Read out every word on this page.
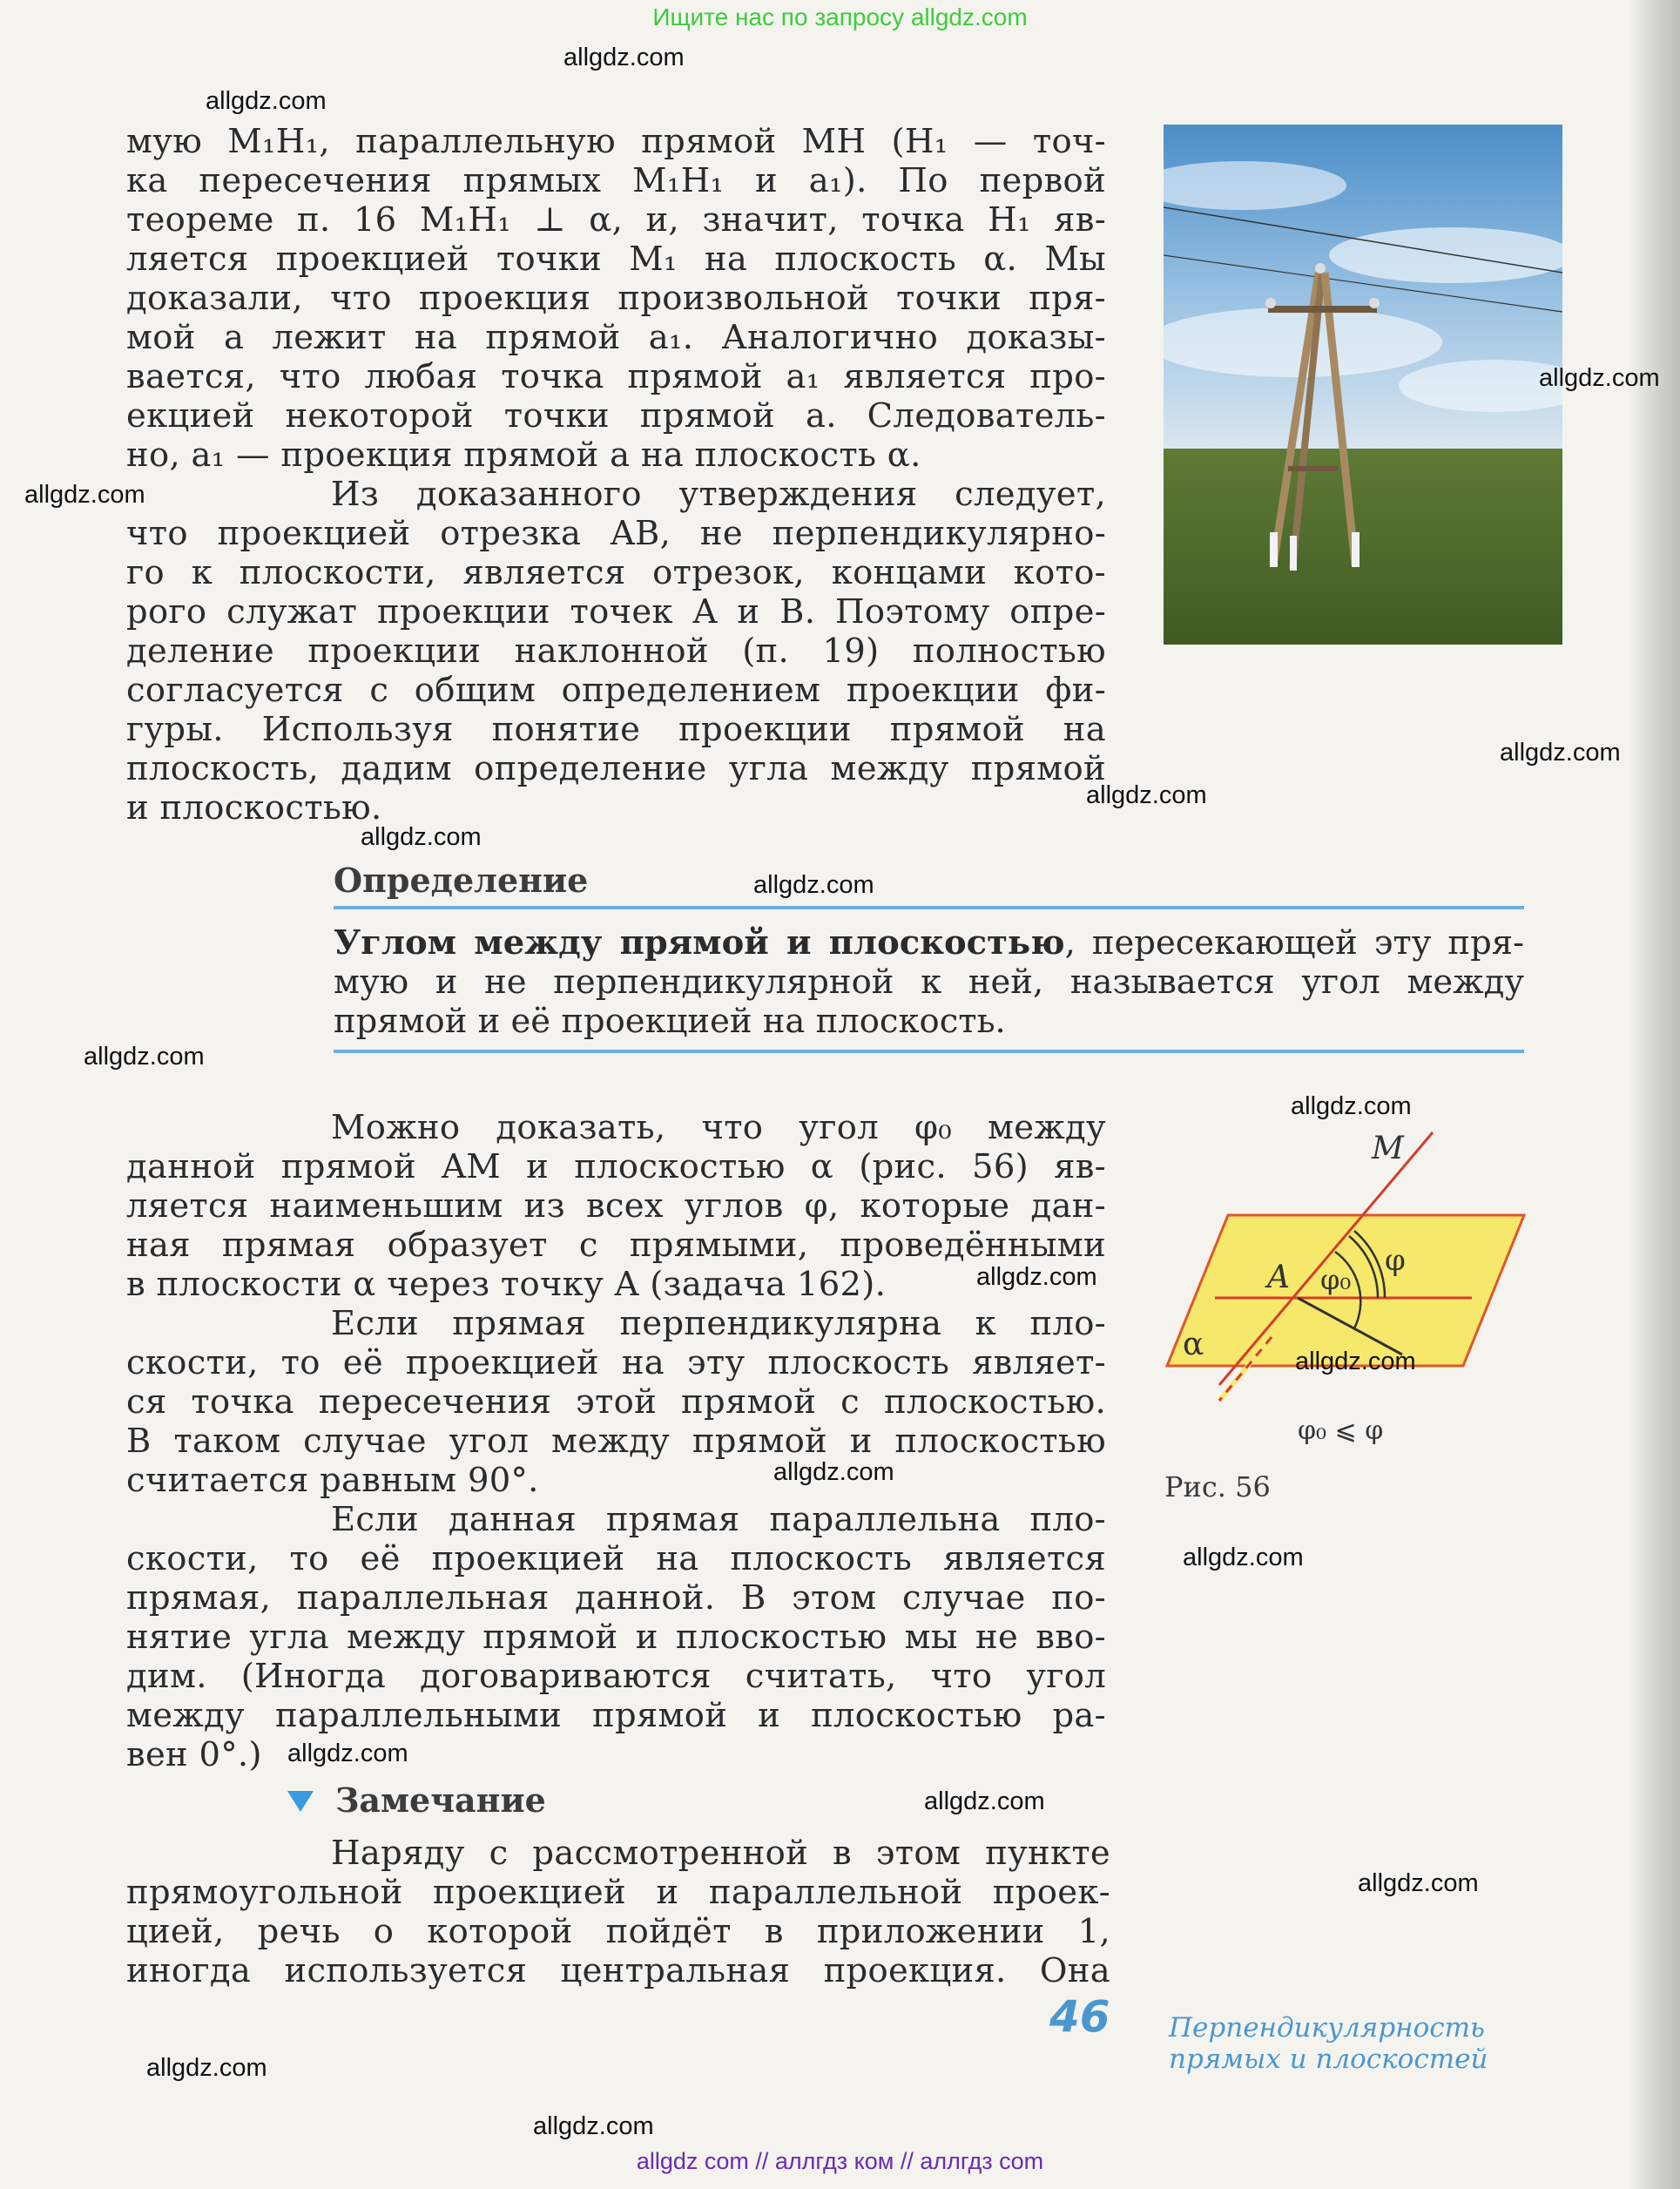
Ищите нас по запросу allgdz.com
мую M₁H₁, параллельную прямой MH (H₁ — точ-
ка пересечения прямых M₁H₁ и a₁). По первой
теореме п. 16 M₁H₁ ⊥ α, и, значит, точка H₁ яв-
ляется проекцией точки M₁ на плоскость α. Мы
доказали, что проекция произвольной точки пря-
мой a лежит на прямой a₁. Аналогично доказы-
вается, что любая точка прямой a₁ является про-
екцией некоторой точки прямой a. Следователь-
но, a₁ — проекция прямой a на плоскость α.
Из доказанного утверждения следует,
что проекцией отрезка AB, не перпендикулярно-
го к плоскости, является отрезок, концами кото-
рого служат проекции точек A и B. Поэтому опре-
деление проекции наклонной (п. 19) полностью
согласуется с общим определением проекции фи-
гуры. Используя понятие проекции прямой на
плоскость, дадим определение угла между прямой
и плоскостью.
Определение
Углом между прямой и плоскостью, пересекающей эту пря-
мую и не перпендикулярной к ней, называется угол между
прямой и её проекцией на плоскость.
Можно доказать, что угол φ₀ между
данной прямой AM и плоскостью α (рис. 56) яв-
ляется наименьшим из всех углов φ, которые дан-
ная прямая образует с прямыми, проведёнными
в плоскости α через точку A (задача 162).
Если прямая перпендикулярна к пло-
скости, то её проекцией на эту плоскость являет-
ся точка пересечения этой прямой с плоскостью.
В таком случае угол между прямой и плоскостью
считается равным 90°.
Если данная прямая параллельна пло-
скости, то её проекцией на плоскость является
прямая, параллельная данной. В этом случае по-
нятие угла между прямой и плоскостью мы не вво-
дим. (Иногда договариваются считать, что угол
между параллельными прямой и плоскостью ра-
вен 0°.)
Замечание
Наряду с рассмотренной в этом пункте
прямоугольной проекцией и параллельной проек-
цией, речь о которой пойдёт в приложении 1,
иногда используется центральная проекция. Она
M
A φ₀
φ
α
φ₀ ⩽ φ
Рис. 56
46 Перпендикулярность
прямых и плоскостей
allgdz.com
allgdz.com
allgdz.com
allgdz.com
allgdz.com
allgdz.com
allgdz.com
allgdz.com
allgdz.com
allgdz.com
allgdz.com
allgdz.com
allgdz.com
allgdz.com
allgdz.com
allgdz.com
allgdz.com
allgdz.com
allgdz.com
allgdz com // аллгдз ком // аллгдз com
